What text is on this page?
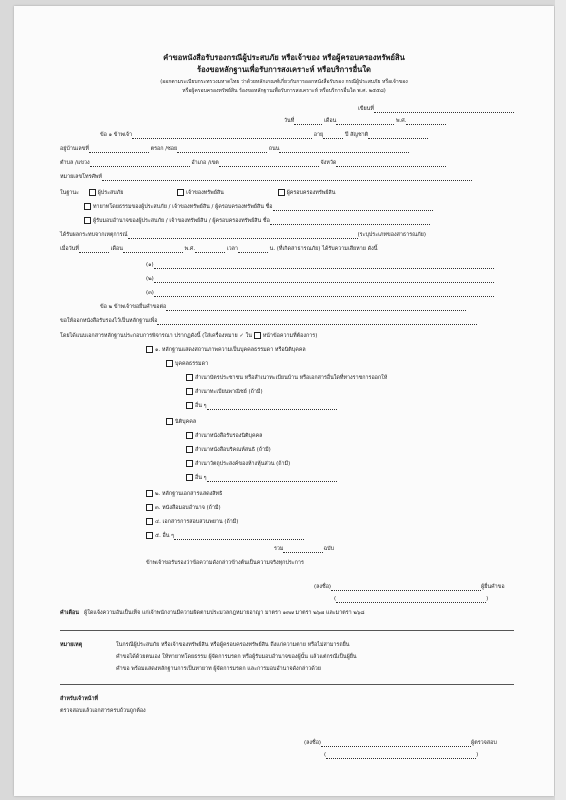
คำขอหนังสือรับรองกรณีผู้ประสบภัย หรือเจ้าของ หรือผู้ครอบครองทรัพย์สิน
ร้องขอหลักฐานเพื่อรับการสงเคราะห์ หรือบริการอื่นใด
(ออกตามระเบียบกระทรวงมหาดไทย ว่าด้วยหลักเกณฑ์เกี่ยวกับการออกหนังสือรับรอง กรณีผู้ประสบภัย หรือเจ้าของ
หรือผู้ครอบครองทรัพย์สิน ร้องขอหลักฐานเพื่อรับการสงเคราะห์ หรือบริการอื่นใด พ.ศ. ๒๕๕๘)
เขียนที่
วันที่	เดือน	พ.ศ.
ข้อ ๑ ข้าพเจ้า	อายุ	ปี สัญชาติ
อยู่บ้านเลขที่	ตรอก /ซอย	ถนน
ตำบล /แขวง	อำเภอ /เขต	จังหวัด
หมายเลขโทรศัพท์
ในฐานะ	ผู้ประสบภัย	เจ้าของทรัพย์สิน	ผู้ครอบครองทรัพย์สิน
ทายาทโดยธรรมของผู้ประสบภัย / เจ้าของทรัพย์สิน / ผู้ครอบครองทรัพย์สิน ชื่อ
ผู้รับมอบอำนาจของผู้ประสบภัย / เจ้าของทรัพย์สิน / ผู้ครอบครองทรัพย์สิน ชื่อ
ได้รับผลกระทบจากเหตุการณ์	(ระบุประเภทของสาธารณภัย)
เมื่อวันที่	เดือน	พ.ศ.	เวลา	น. (ที่เกิดสาธารณภัย) ได้รับความเสียหาย ดังนี้
(๑)
(๒)
(๓)
ข้อ ๒ ข้าพเจ้าขอยื่นคำขอต่อ
ขอให้ออกหนังสือรับรองไว้เป็นหลักฐานเพื่อ
โดยได้แนบเอกสารหลักฐานประกอบการพิจารณา ปรากฏดังนี้ (ใส่เครื่องหมาย ✓ ใน หน้าข้อความที่ต้องการ)
๑. หลักฐานแสดงสถานภาพความเป็นบุคคลธรรมดา หรือนิติบุคคล
บุคคลธรรมดา
สำเนาบัตรประชาชน หรือสำเนาทะเบียนบ้าน หรือเอกสารอื่นใดที่ทางราชการออกให้
สำเนาทะเบียนพาณิชย์ (ถ้ามี)
อื่น ๆ
นิติบุคคล
สำเนาหนังสือรับรองนิติบุคคล
สำเนาหนังสือบริคณห์สนธิ (ถ้ามี)
สำเนาวัตถุประสงค์ของห้างหุ้นส่วน (ถ้ามี)
อื่น ๆ
๒. หลักฐานเอกสารแสดงสิทธิ
๓. หนังสือมอบอำนาจ (ถ้ามี)
๔. เอกสารการสอบสวนพยาน (ถ้ามี)
๕. อื่น ๆ
รวม	ฉบับ
ข้าพเจ้าขอรับรองว่าข้อความดังกล่าวข้างต้นเป็นความจริงทุกประการ
(ลงชื่อ)	ผู้ยื่นคำขอ
(	)
คำเตือน ผู้ใดแจ้งความอันเป็นเท็จ แก่เจ้าพนักงานมีความผิดตามประมวลกฎหมายอาญา มาตรา ๑๓๗ มาตรา ๒๖๗ และมาตรา ๒๖๘
หมายเหตุ	ในกรณีผู้ประสบภัย หรือเจ้าของทรัพย์สิน หรือผู้ครอบครองทรัพย์สิน ถึงแก่ความตาย หรือไม่สามารถยื่น
คำขอได้ด้วยตนเอง ให้ทายาทโดยธรรม ผู้จัดการมรดก หรือผู้รับมอบอำนาจของผู้นั้น แล้วแต่กรณีเป็นผู้ยื่น
คำขอ พร้อมแสดงหลักฐานการเป็นทายาท ผู้จัดการมรดก และการมอบอำนาจดังกล่าวด้วย
สำหรับเจ้าหน้าที่
ตรวจสอบแล้วเอกสารครบถ้วนถูกต้อง
(ลงชื่อ)	ผู้ตรวจสอบ
(	)
